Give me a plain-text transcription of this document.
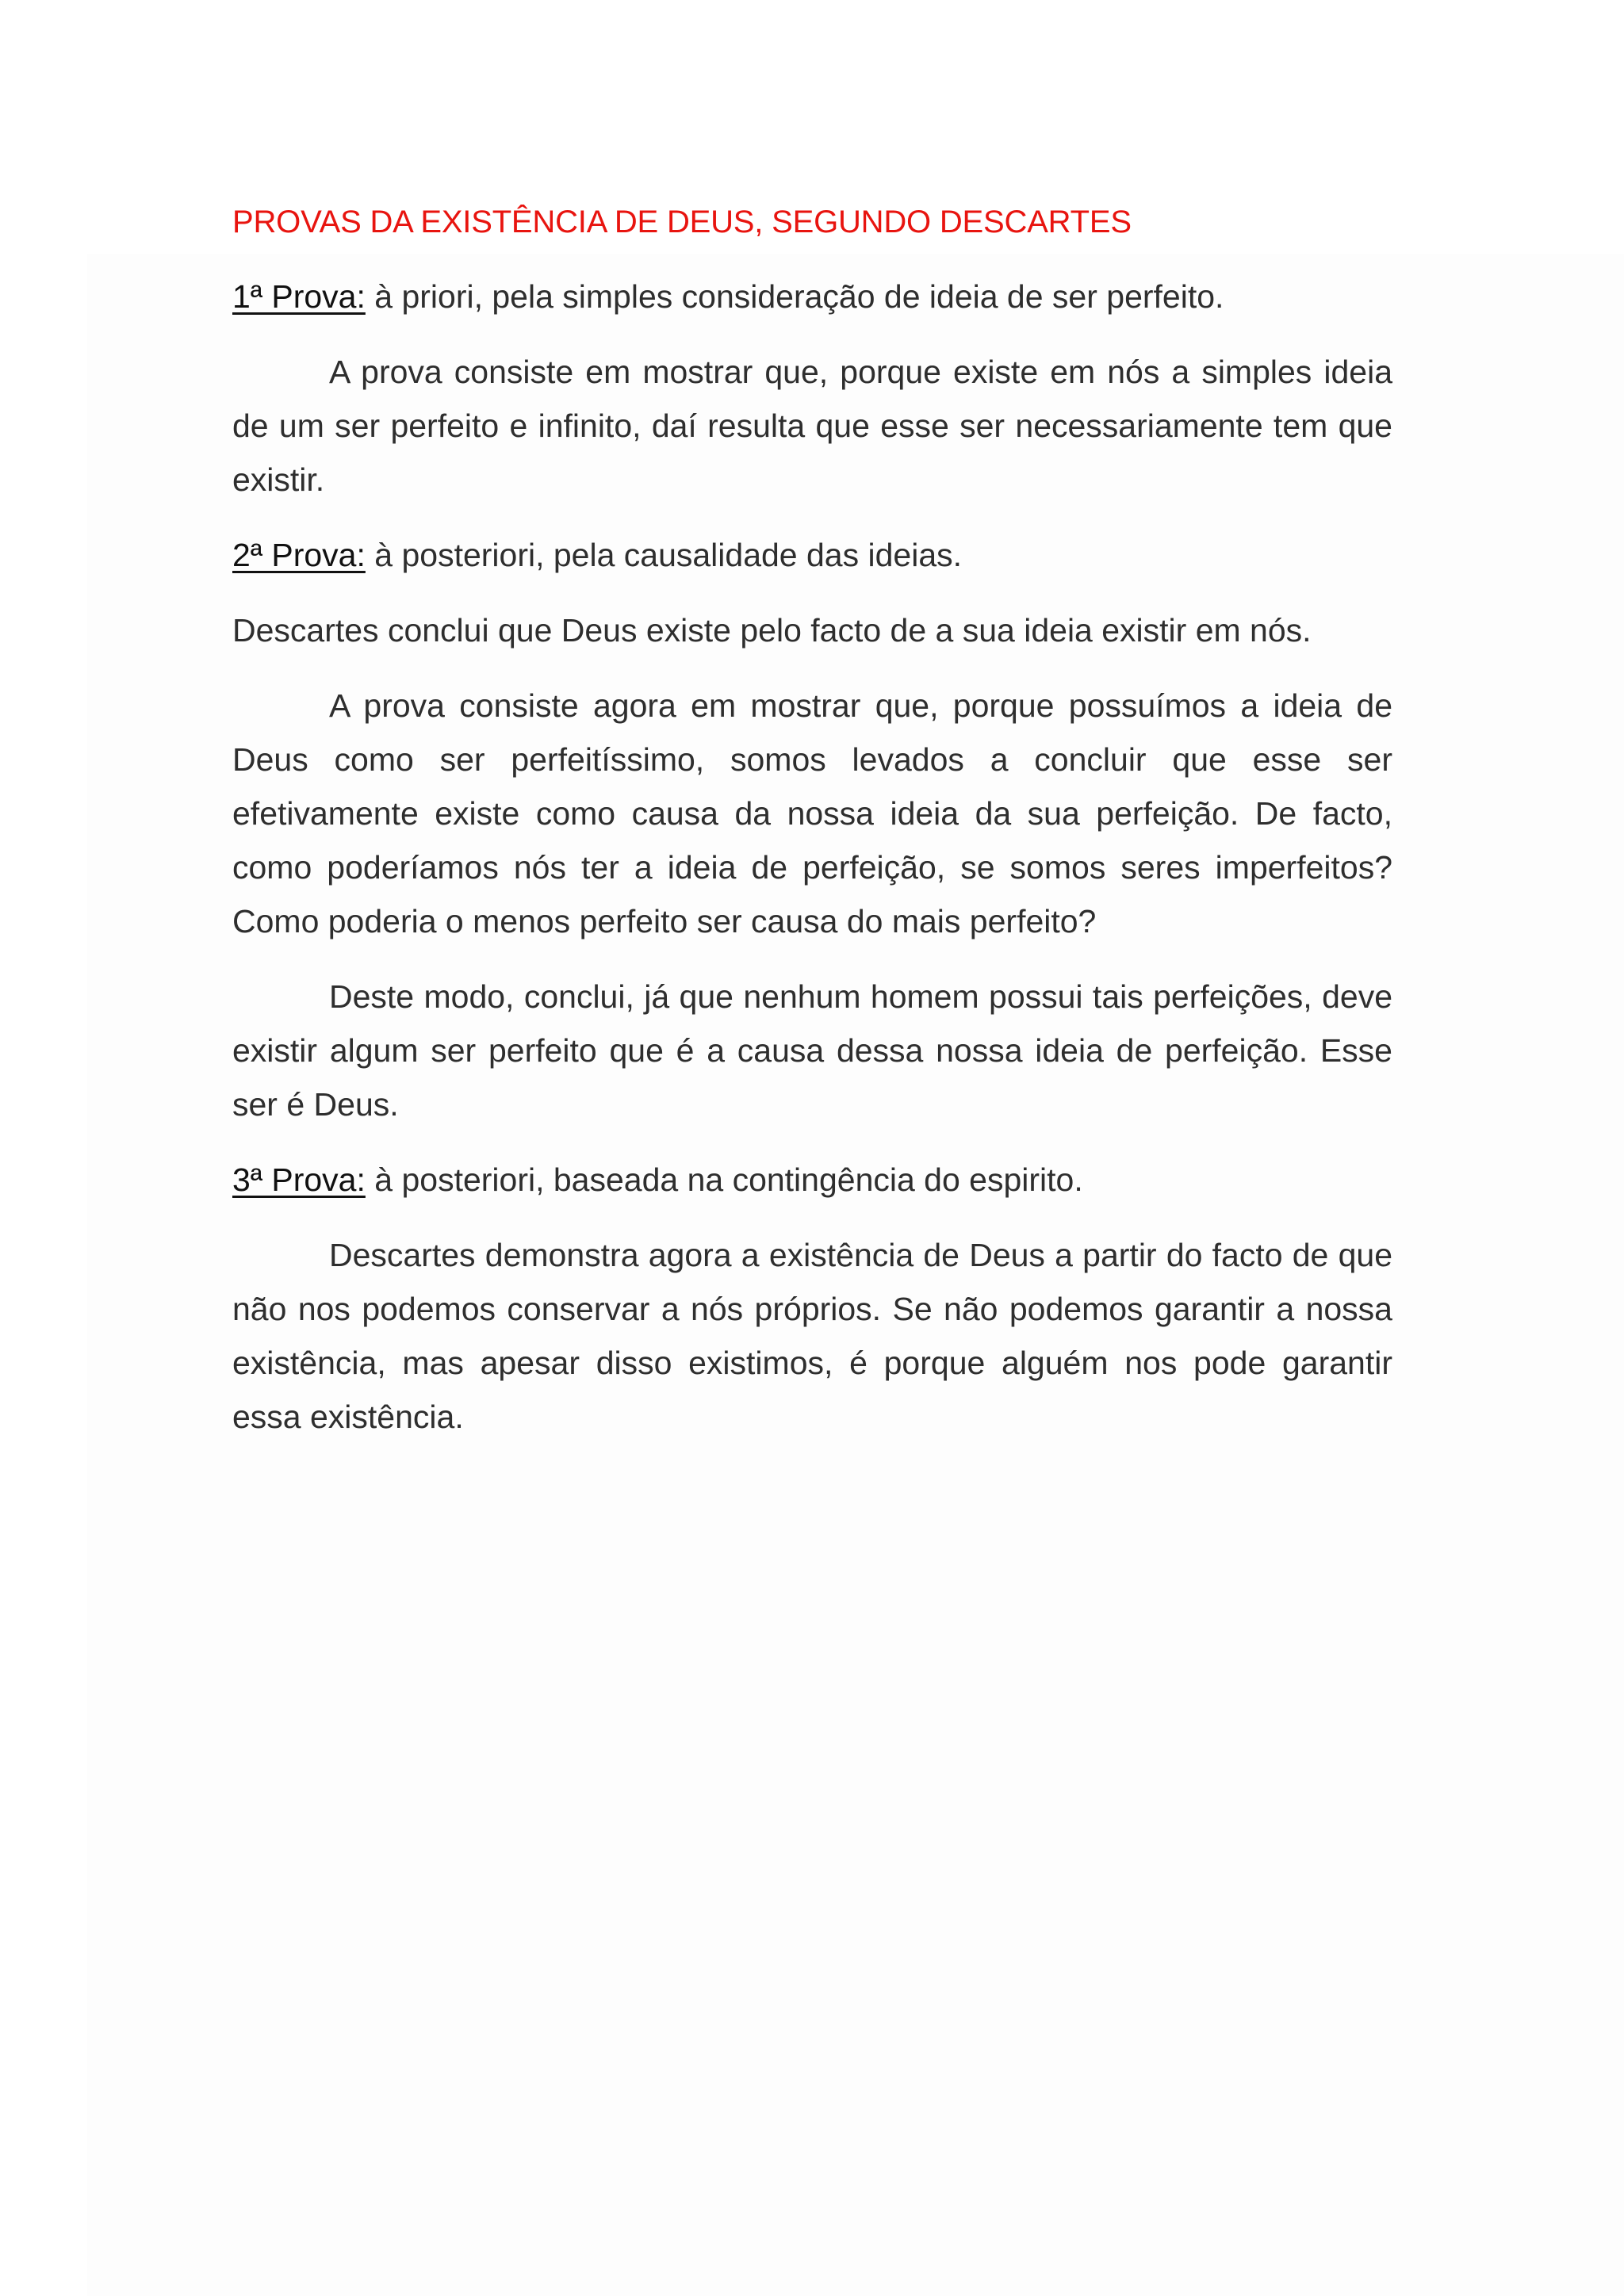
PROVAS DA EXISTÊNCIA DE DEUS, SEGUNDO DESCARTES
1ª Prova: à priori, pela simples consideração de ideia de ser perfeito.

A prova consiste em mostrar que, porque existe em nós a simples ideia de um ser perfeito e infinito, daí resulta que esse ser necessariamente tem que existir.

2ª Prova: à posteriori, pela causalidade das ideias.
Descartes conclui que Deus existe pelo facto de a sua ideia existir em nós.

A prova consiste agora em mostrar que, porque possuímos a ideia de Deus como ser perfeitíssimo, somos levados a concluir que esse ser efetivamente existe como causa da nossa ideia da sua perfeição. De facto, como poderíamos nós ter a ideia de perfeição, se somos seres imperfeitos? Como poderia o menos perfeito ser causa do mais perfeito?

Deste modo, conclui, já que nenhum homem possui tais perfeições, deve existir algum ser perfeito que é a causa dessa nossa ideia de perfeição. Esse ser é Deus.

3ª Prova: à posteriori, baseada na contingência do espirito.

Descartes demonstra agora a existência de Deus a partir do facto de que não nos podemos conservar a nós próprios. Se não podemos garantir a nossa existência, mas apesar disso existimos, é porque alguém nos pode garantir essa existência.
